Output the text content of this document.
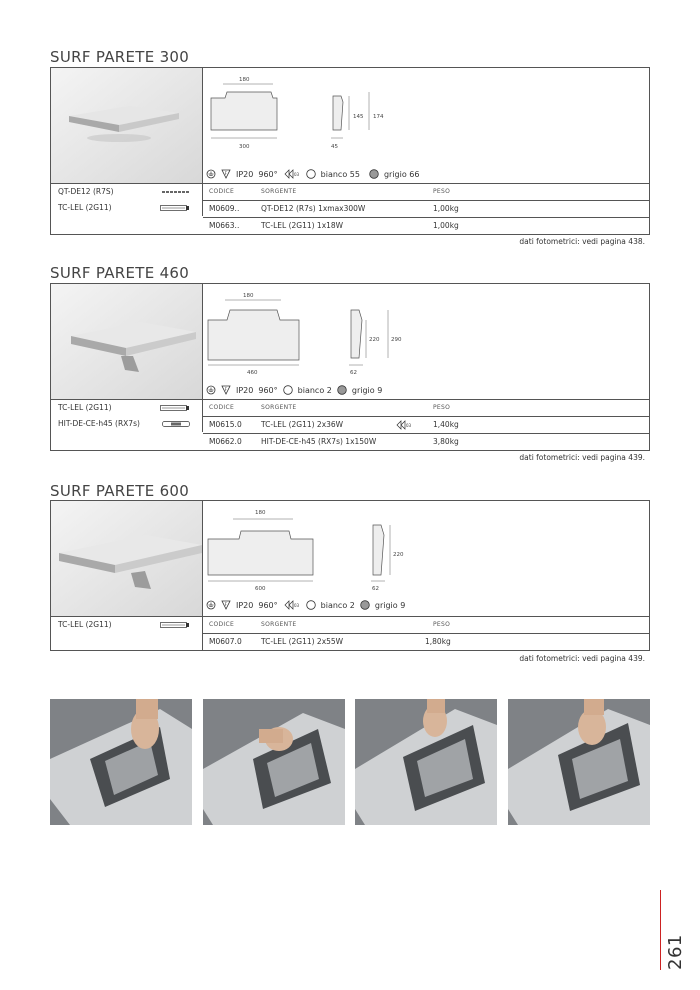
SURF PARETE 300
180
300	45
145 174
F IP20 960°	03	bianco 55	grigio 66
QT-DE12 (R7S)
TC-LEL (2G11)
CODICE	SORGENTE	PESO
M0609..	QT-DE12 (R7s) 1xmax300W	1,00kg
M0663..	TC-LEL (2G11) 1x18W	1,00kg
dati fotometrici: vedi pagina 438.
SURF PARETE 460
180
460	62
220 290
F IP20 960°	bianco 2	grigio 9
TC-LEL (2G11)
HIT-DE-CE-h45 (RX7s)
CODICE	SORGENTE	PESO
M0615.0	TC-LEL (2G11) 2x36W	03	1,40kg
M0662.0	HIT-DE-CE-h45 (RX7s) 1x150W	3,80kg
dati fotometrici: vedi pagina 439.
SURF PARETE 600
180
600	62
220
F IP20 960°	03	bianco 2	grigio 9
TC-LEL (2G11)	CODICE	SORGENTE	PESO
M0607.0	TC-LEL (2G11) 2x55W	1,80kg
dati fotometrici: vedi pagina 439.
261
